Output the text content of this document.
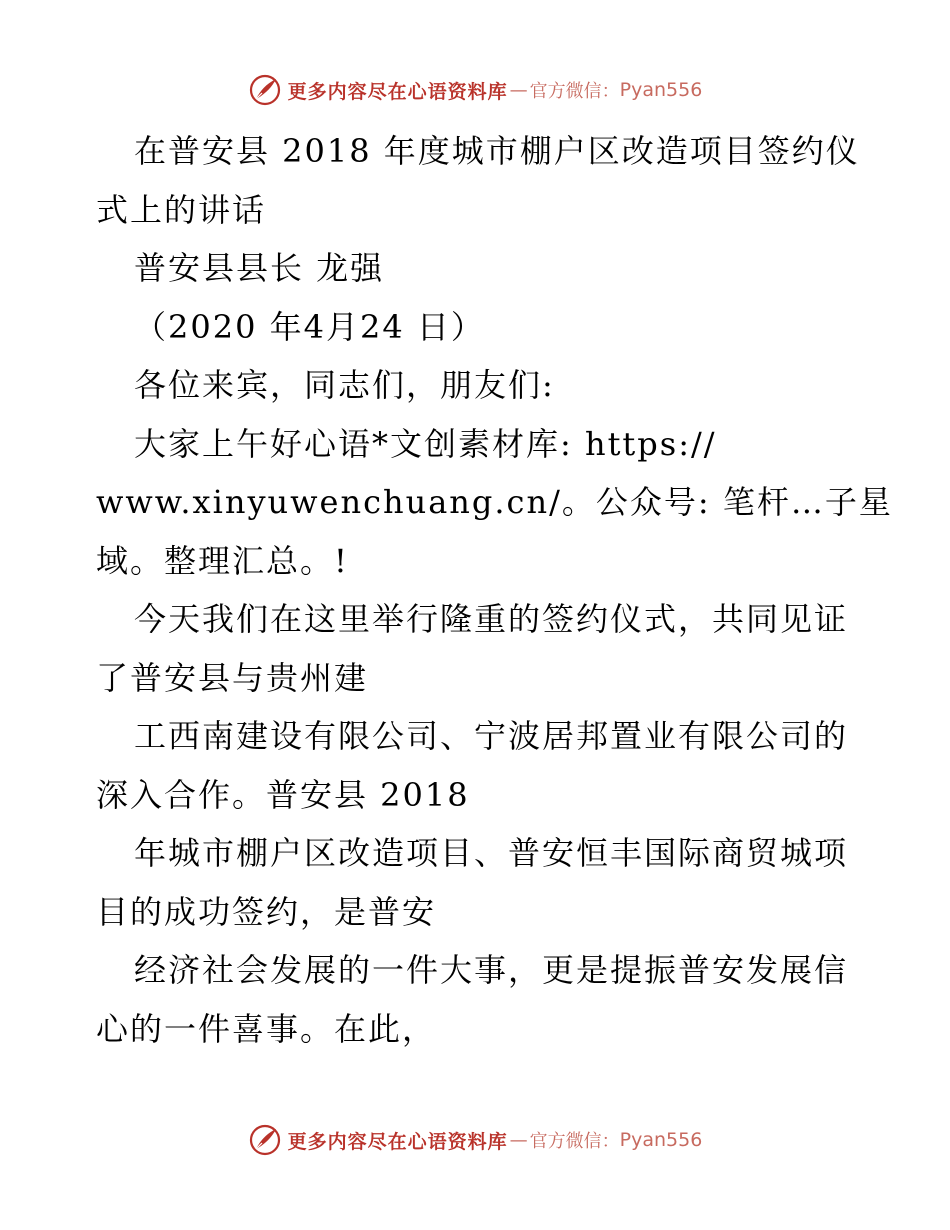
更多内容尽在心语资料库 — 官方微信： Pyan556
在普安县 2018 年度城市棚户区改造项目签约仪
式上的讲话
普安县县长 龙强
（2020 年4月24 日）
各位来宾，同志们，朋友们:
大家上午好心语*文创素材库: https://
www.xinyuwenchuang.cn/。公众号: 笔杆…子星
域。整理汇总。!
今天我们在这里举行隆重的签约仪式，共同见证
了普安县与贵州建
工西南建设有限公司、宁波居邦置业有限公司的
深入合作。普安县 2018
年城市棚户区改造项目、普安恒丰国际商贸城项
目的成功签约，是普安
经济社会发展的一件大事，更是提振普安发展信
心的一件喜事。在此，
更多内容尽在心语资料库 — 官方微信： Pyan556
